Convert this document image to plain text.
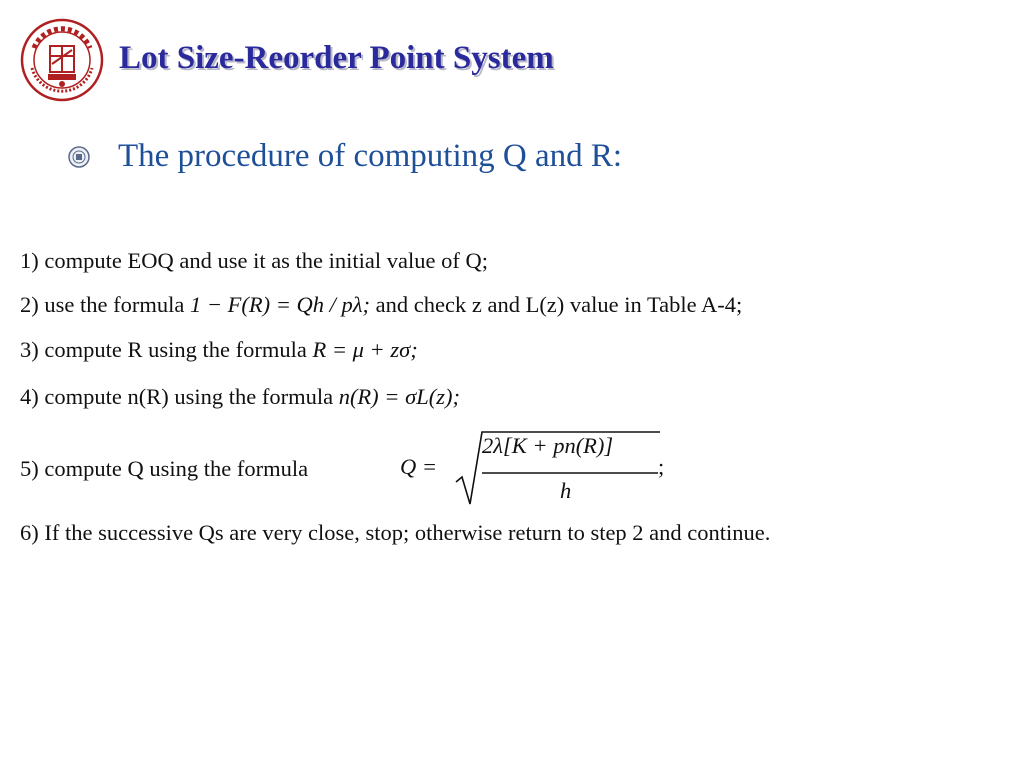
Lot Size-Reorder Point System
The procedure of computing Q and R:
1) compute EOQ and use it as the initial value of Q;
2) use the formula 1 − F(R) = Qh / pλ; and check z and L(z) value in Table A-4;
3) compute R using the formula R = μ + zσ;
4) compute n(R) using the formula n(R) = σL(z);
5) compute Q using the formula	Q =
2λ[K + pn(R)]
h
;
6) If the successive Qs are very close, stop; otherwise return to step 2 and continue.
